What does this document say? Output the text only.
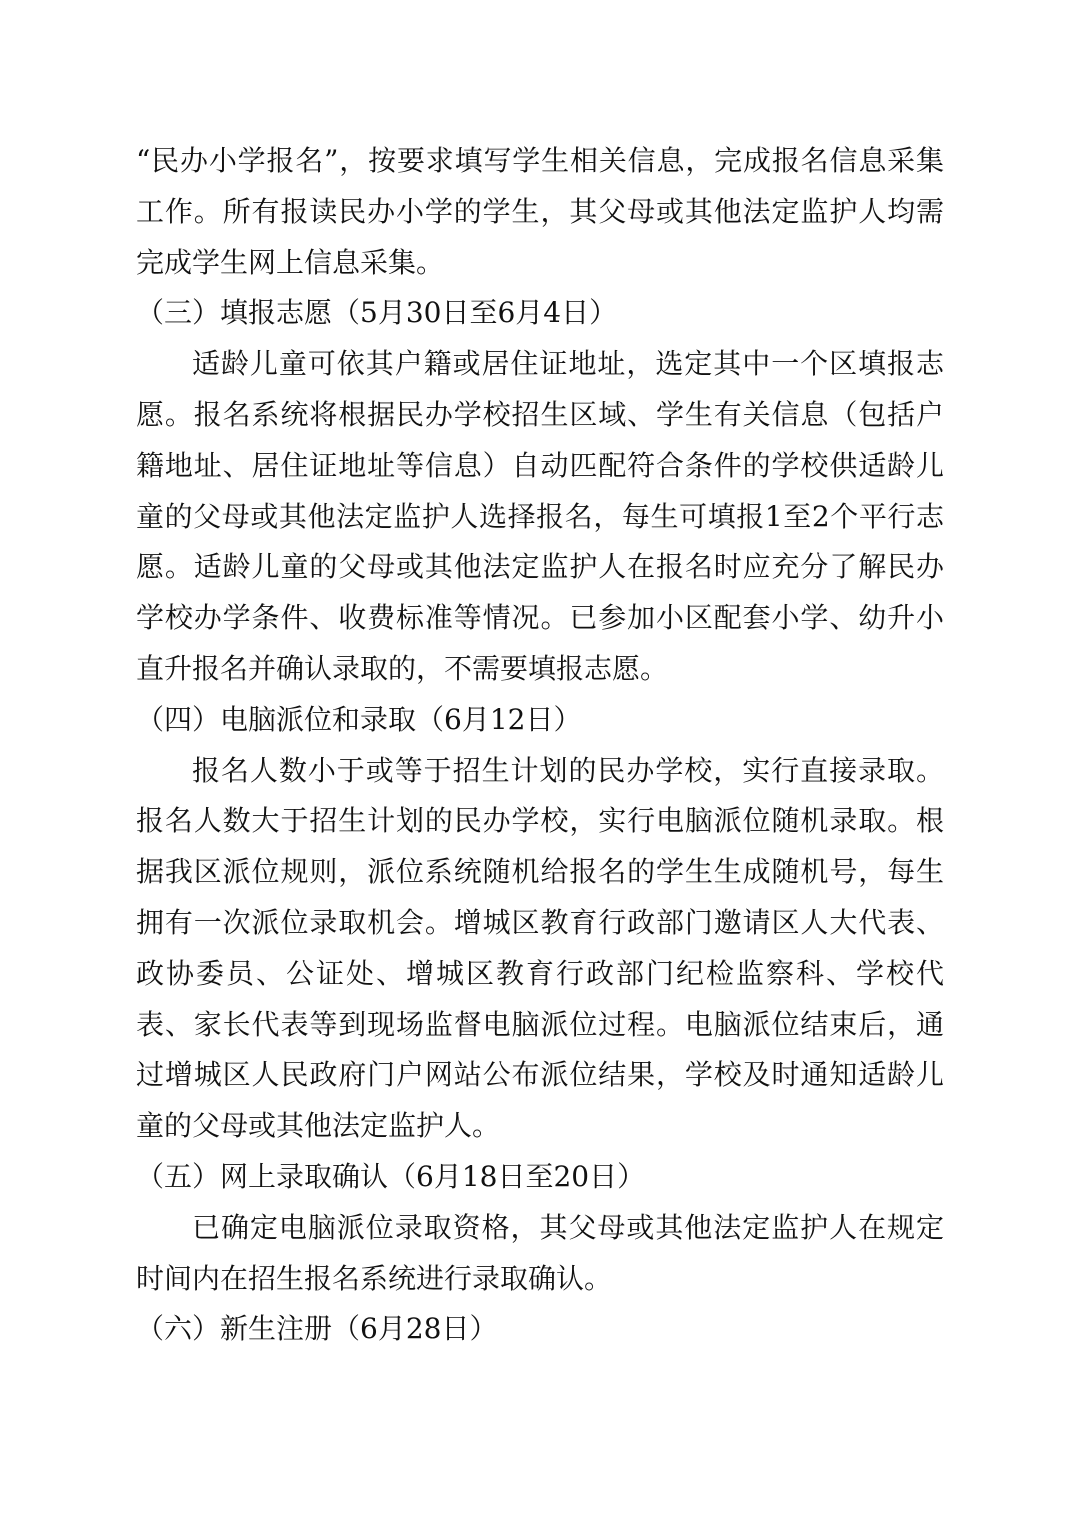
“民办小学报名”，按要求填写学生相关信息，完成报名信息采集工作。所有报读民办小学的学生，其父母或其他法定监护人均需完成学生网上信息采集。

（三）填报志愿（5月30日至6月4日）

适龄儿童可依其户籍或居住证地址，选定其中一个区填报志愿。报名系统将根据民办学校招生区域、学生有关信息（包括户籍地址、居住证地址等信息）自动匹配符合条件的学校供适龄儿童的父母或其他法定监护人选择报名，每生可填报1至2个平行志愿。适龄儿童的父母或其他法定监护人在报名时应充分了解民办学校办学条件、收费标准等情况。已参加小区配套小学、幼升小直升报名并确认录取的，不需要填报志愿。

（四）电脑派位和录取（6月12日）

报名人数小于或等于招生计划的民办学校，实行直接录取。报名人数大于招生计划的民办学校，实行电脑派位随机录取。根据我区派位规则，派位系统随机给报名的学生生成随机号，每生拥有一次派位录取机会。增城区教育行政部门邀请区人大代表、政协委员、公证处、增城区教育行政部门纪检监察科、学校代表、家长代表等到现场监督电脑派位过程。电脑派位结束后，通过增城区人民政府门户网站公布派位结果，学校及时通知适龄儿童的父母或其他法定监护人。

（五）网上录取确认（6月18日至20日）

已确定电脑派位录取资格，其父母或其他法定监护人在规定时间内在招生报名系统进行录取确认。

（六）新生注册（6月28日）
